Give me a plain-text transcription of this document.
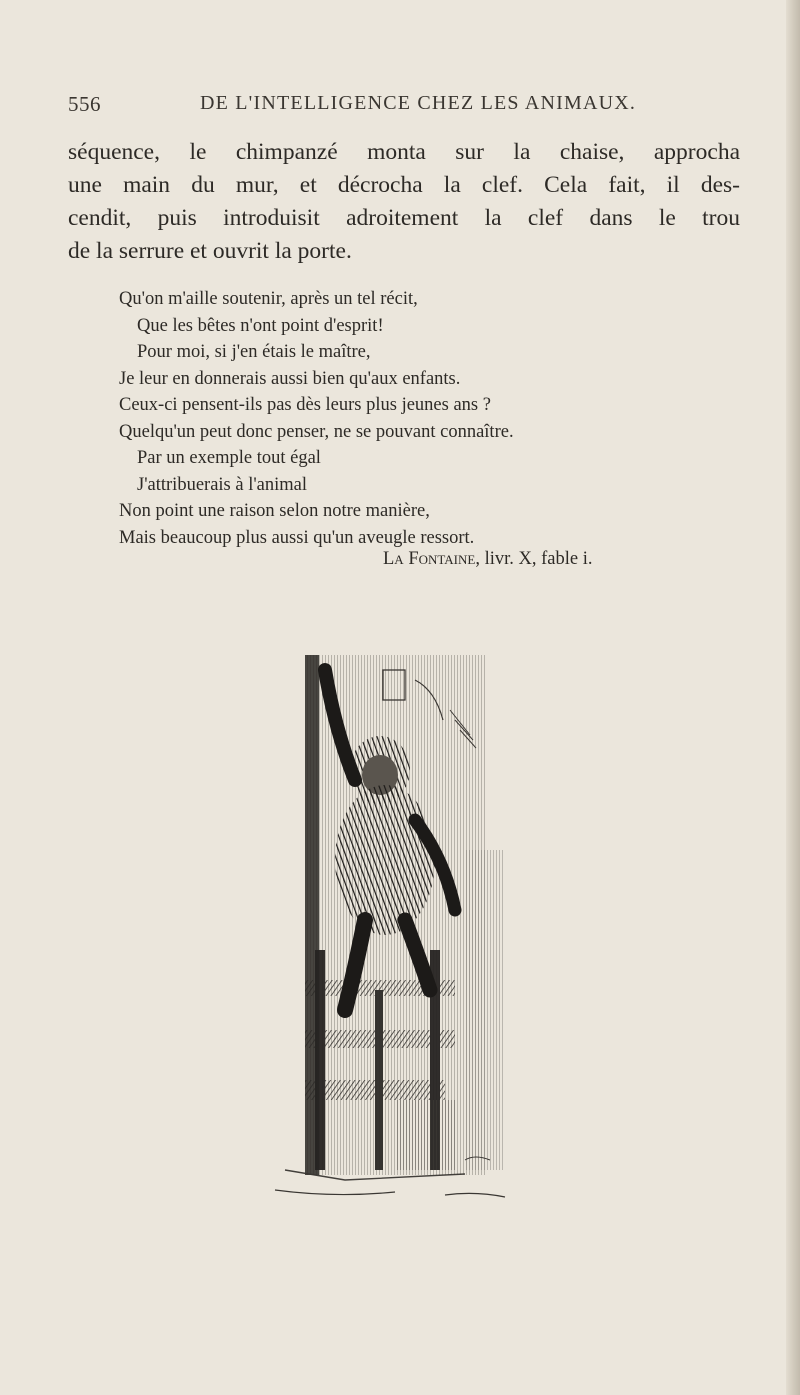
556	DE L'INTELLIGENCE CHEZ LES ANIMAUX.
séquence, le chimpanzé monta sur la chaise, approcha
une main du mur, et décrocha la clef. Cela fait, il des-
cendit, puis introduisit adroitement la clef dans le trou
de la serrure et ouvrit la porte.
Qu'on m'aille soutenir, après un tel récit,
Que les bêtes n'ont point d'esprit!
Pour moi, si j'en étais le maître,
Je leur en donnerais aussi bien qu'aux enfants.
Ceux-ci pensent-ils pas dès leurs plus jeunes ans ?
Quelqu'un peut donc penser, ne se pouvant connaître.
Par un exemple tout égal
J'attribuerais à l'animal
Non point une raison selon notre manière,
Mais beaucoup plus aussi qu'un aveugle ressort.
La Fontaine, livr. X, fable i.
